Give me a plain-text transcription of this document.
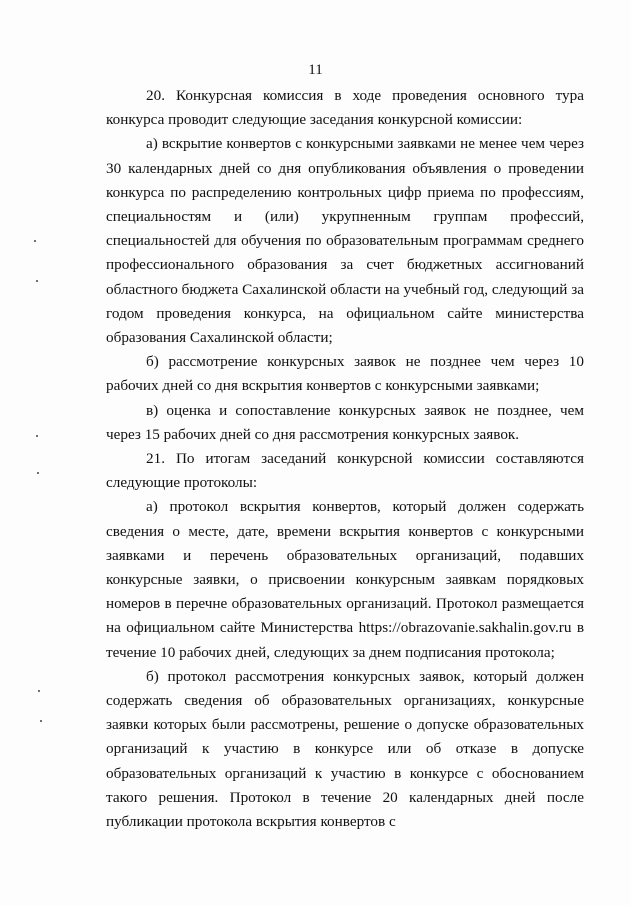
11

20. Конкурсная комиссия в ходе проведения основного тура конкурса проводит следующие заседания конкурсной комиссии:

а) вскрытие конвертов с конкурсными заявками не менее чем через 30 календарных дней со дня опубликования объявления о проведении конкурса по распределению контрольных цифр приема по профессиям, специальностям и (или) укрупненным группам профессий, специальностей для обучения по образовательным программам среднего профессионального образования за счет бюджетных ассигнований областного бюджета Сахалинской области на учебный год, следующий за годом проведения конкурса, на официальном сайте министерства образования Сахалинской области;

б) рассмотрение конкурсных заявок не позднее чем через 10 рабочих дней со дня вскрытия конвертов с конкурсными заявками;

в) оценка и сопоставление конкурсных заявок не позднее, чем через 15 рабочих дней со дня рассмотрения конкурсных заявок.

21. По итогам заседаний конкурсной комиссии составляются следующие протоколы:

а) протокол вскрытия конвертов, который должен содержать сведения о месте, дате, времени вскрытия конвертов с конкурсными заявками и перечень образовательных организаций, подавших конкурсные заявки, о присвоении конкурсным заявкам порядковых номеров в перечне образовательных организаций. Протокол размещается на официальном сайте Министерства https://obrazovanie.sakhalin.gov.ru в течение 10 рабочих дней, следующих за днем подписания протокола;

б) протокол рассмотрения конкурсных заявок, который должен содержать сведения об образовательных организациях, конкурсные заявки которых были рассмотрены, решение о допуске образовательных организаций к участию в конкурсе или об отказе в допуске образовательных организаций к участию в конкурсе с обоснованием такого решения. Протокол в течение 20 календарных дней после публикации протокола вскрытия конвертов с
